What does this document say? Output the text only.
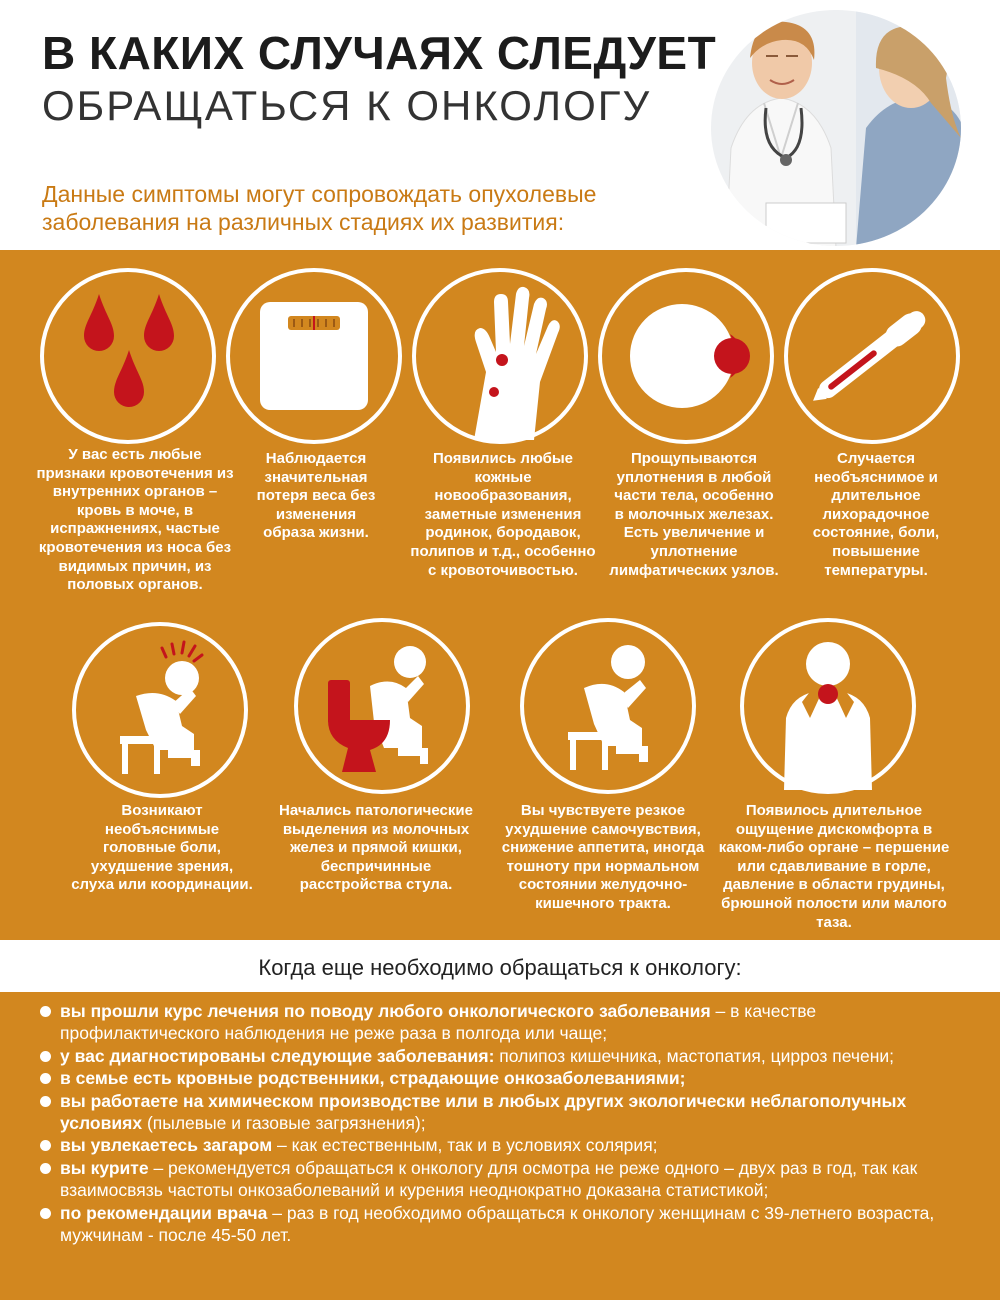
В КАКИХ СЛУЧАЯХ СЛЕДУЕТ
ОБРАЩАТЬСЯ К ОНКОЛОГУ
Данные симптомы могут сопровождать опухолевые заболевания на различных стадиях их развития:
У вас есть любые признаки кровотечения из внутренних органов – кровь в моче, в испражнениях, частые кровотечения из носа без видимых причин, из половых органов.
Наблюдается значительная потеря веса без изменения образа жизни.
Появились любые кожные новообразования, заметные изменения родинок, бородавок, полипов и т.д., особенно с кровоточивостью.
Прощупываются уплотнения в любой части тела, особенно в молочных железах. Есть увеличение и уплотнение лимфатических узлов.
Случается необъяснимое и длительное лихорадочное состояние, боли, повышение температуры.
Возникают необъяснимые головные боли, ухудшение зрения, слуха или координации.
Начались патологические выделения из молочных желез и прямой кишки, беспричинные расстройства стула.
Вы чувствуете резкое ухудшение самочувствия, снижение аппетита, иногда тошноту при нормальном состоянии желудочно-кишечного тракта.
Появилось длительное ощущение дискомфорта в каком-либо органе – першение или сдавливание в горле, давление в области грудины, брюшной полости или малого таза.
Когда еще необходимо обращаться к онкологу:
вы прошли курс лечения по поводу любого онкологического заболевания – в качестве профилактического наблюдения не реже раза в полгода или чаще;
у вас диагностированы следующие заболевания: полипоз кишечника, мастопатия, цирроз печени;
в семье есть кровные родственники, страдающие онкозаболеваниями;
вы работаете на химическом производстве или в любых других экологически неблагополучных условиях (пылевые и газовые загрязнения);
вы увлекаетесь загаром – как естественным, так и в условиях солярия;
вы курите – рекомендуется обращаться к онкологу для осмотра не реже одного – двух раз в год, так как взаимосвязь частоты онкозаболеваний и курения неоднократно доказана статистикой;
по рекомендации врача – раз в год необходимо обращаться к онкологу женщинам с 39-летнего возраста, мужчинам - после 45-50 лет.
